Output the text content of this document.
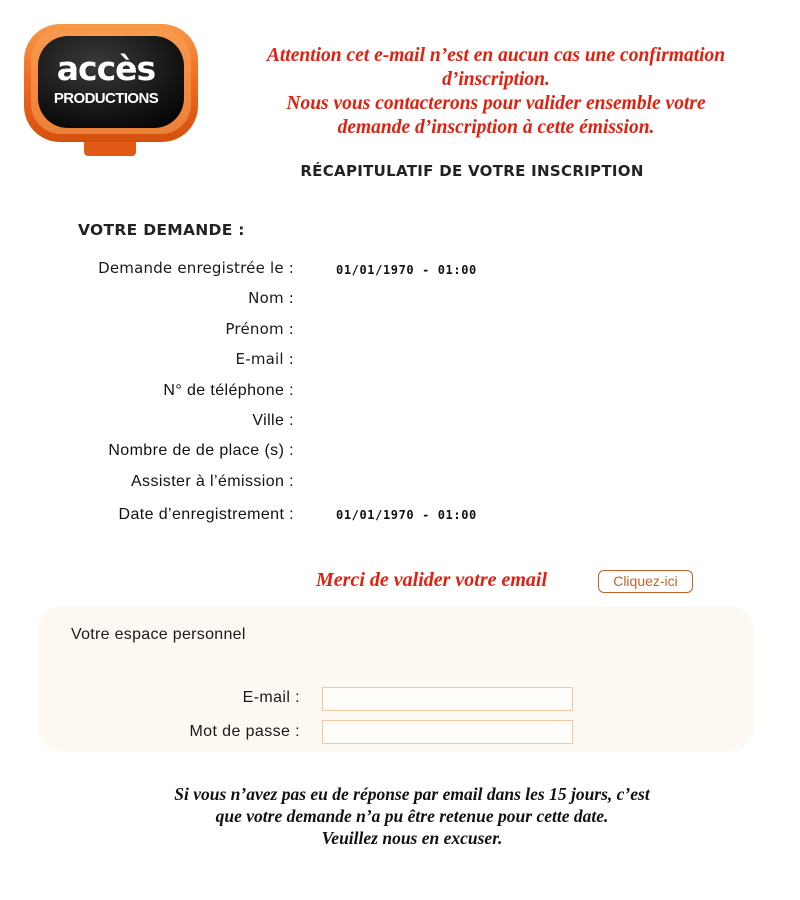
accès
PRODUCTIONS
Attention cet e-mail n’est en aucun cas une confirmation
d’inscription.
Nous vous contacterons pour valider ensemble votre
demande d’inscription à cette émission.
RÉCAPITULATIF DE VOTRE INSCRIPTION
VOTRE DEMANDE :
Demande enregistrée le :	01/01/1970 - 01:00
Nom :
Prénom :
E-mail :
N° de téléphone :
Ville :
Nombre de de place (s) :
Assister à l’émission :
Date d’enregistrement :	01/01/1970 - 01:00
Merci de valider votre email	Cliquez-ici
Votre espace personnel
E-mail :
Mot de passe :
Si vous n’avez pas eu de réponse par email dans les 15 jours, c’est
que votre demande n’a pu être retenue pour cette date.
Veuillez nous en excuser.
